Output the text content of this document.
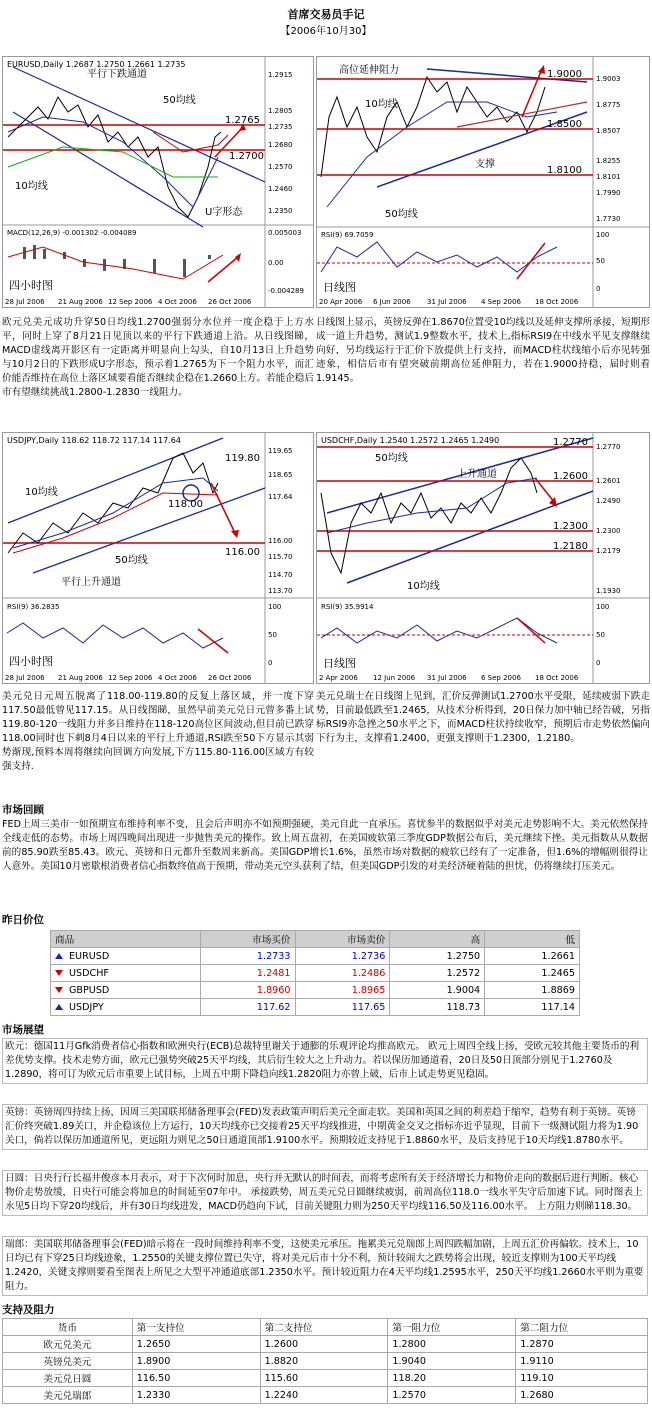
首席交易员手记
【2006年10月30】
EURUSD,Daily 1.2687 1.2750 1.2661 1.2735
平行下跌通道
50均线
10均线
U字形态
1.2765
1.2700
1.2915
1.2805
1.2735
1.2680
1.2570
1.2460
1.2350
0.005003
0.00
-0.004289
MACD(12,26,9) -0.001302 -0.004089
四小时图
28 Jul 2006 21 Aug 2006 12 Sep 2006 4 Oct 2006 26 Oct 2006
高位延伸阻力
10均线
50均线
支撑
1.9000
1.8500
1.8100
1.9003
1.8775
1.8507
1.8255
1.8101
1.7990
1.7730
100
50
0
RSI(9) 69.7059
日线图
20 Apr 2006 6 Jun 2006 31 Jul 2006 4 Sep 2006 18 Oct 2006
欧元兑美元成功升穿50日均线1.2700强弱分水位并一度企稳于上方水平，同时上穿了8月21日见顶以来的平行下跌通道上沿。从日线图睇，MACD虚线离开影区有一定距离并明显向上勾头，自10月13日上升趋势与10月2日的下跌形成U字形态，预示着1.2765为下一个阻力水平，而汇价能否维持在高位上落区域要看能否继续企稳在1.2660上方。若能企稳后市有望继续挑战1.2800-1.2830一线阻力。
日线图上显示，英镑反弹在1.8670位置受10均线以及延伸支撑所承接，短期形成一道上升趋势，测试1.9整数水平，技术上,指标RSI9在中线水平见支撑继续向好，另均线运行于汇价下放提供上行支持，而MACD柱状线缩小后亦见转强迹象，相信后市有望突破前期高位延伸阻力，若在1.9000持稳，届时则看1.9145。
USDJPY,Daily 118.62 118.72 117.14 117.64
119.80
118.00
116.00
10均线
50均线
平行上升通道
119.65
118.65
117.64
116.00
115.70
114.70
113.70
100
50
0
RSI(9) 36.2835
四小时图
28 Jul 2006 21 Aug 2006 12 Sep 2006 4 Oct 2006 26 Oct 2006
USDCHF,Daily 1.2540 1.2572 1.2465 1.2490
50均线
上升通道
10均线
1.2770
1.2600
1.2300
1.2180
1.2770
1.2601
1.2490
1.2300
1.2179
1.1930
100
50
0
RSI(9) 35.9914
日线图
2 Apr 2006 12 Jun 2006 31 Jul 2006 6 Sep 2006 18 Oct 2006
美元兑日元周五脱离了118.00-119.80的反复上落区域，并一度下穿117.50最低曾见117.15。从日线图睇，虽然早前美元兑日元曾多番上试119.80-120一线阻力并多日维持在118-120高位区间波动,但目前已跌穿118.00同时也下刺8月4日以来的平行上升通道,RSI跌至50下方显示其弱势渐现,预料本周将继续向回调方向发展,下方115.80-116.00区域方有较强支持.
美元兑瑞士在日线图上见到，汇价反弹测试1.2700水平受限，延续疲弱下跌走势，目前最低跌至1.2465，从技术分析得到，20日保力加中轴已经告破，另指标RSI9亦急挫之50水平之下，而MACD柱状持续收窄，预期后市走势依然偏向下行为主，支撑看1.2400，更强支撑则于1.2300，1.2180。
市场回顾
FED上周三美市一如预期宣布维持利率不变，且会后声明亦不如预期强硬，美元自此一直承压。喜忧参半的数据似乎对美元走势影响不大。美元依然保持全线走低的态势。市场上周四晚间出现进一步抛售美元的操作。致上周五盘初，在美国疲软第三季度GDP数据公布后，美元继续下挫。美元指数从从数据前的85.90跌至85.43。欧元、英镑和日元都升至数周来新高。美国GDP增长1.6%，虽然市场对数据的疲软已经有了一定准备，但1.6%的增幅则很得让人意外。美国10月密歇根消费者信心指数终值高于预期，带动美元空头获利了结，但美国GDP引发的对美经济硬着陆的担忧，仍将继续打压美元。
昨日价位
商品	市场买价	市场卖价	高	低
EURUSD	1.2733	1.2736	1.2750	1.2661
USDCHF	1.2481	1.2486	1.2572	1.2465
GBPUSD	1.8960	1.8965	1.9004	1.8869
USDJPY	117.62	117.65	118.73	117.14
市场展望
欧元：德国11月Gfk消费者信心指数和欧洲央行(ECB)总裁特里谢关于通膨的乐观评论均推高欧元。 欧元上周四全线上扬，受欧元较其他主要货币的利差优势支撑。技术走势方面，欧元已强势突破25天平均线，其后衍生较大之上升动力。若以保历加通道看，20日及50日顶部分别见于1.2760及1.2890，将可订为欧元后市重要上试目标，上周五中期下降趋向线1.2820阻力亦曾上破，后市上试走势更见稳固。
英镑：英镑周四持续上扬，因周三美国联邦储备理事会(FED)发表政策声明后美元全面走软。美国和英国之间的利差趋于缩窄，趋势有利于英镑。英镑汇价终突破1.89关口，并企稳该位上方运行，10天均线亦已交接着25天平均线推进，中期黄金交叉之指标亦近乎显现，目前下一级测试阻力将为1.90关口，倘若以保历加通道所见，更远阻力则见之50日通道顶部1.9100水平。预期较近支持见于1.8860水平，及后支持见于10天均线1.8780水平。
日圆：日央行行长福井俊彦本月表示，对于下次何时加息，央行并无默认的时间表，而将考虑所有关于经济增长力和物价走向的数据后进行判断。核心物价走势放缓，日央行可能会将加息的时间延至07年中。 承接跌势，周五美元兑日圆继续疲弱，前周高位118.0一线水平失守后加速下试。同时图表上永见5日均下穿20均线后，并有30日均线进发，MACD仍趋向下试，目前关键阻力则为250天平均线116.50及116.00水平。 上方阻力则睇118.30。
瑞郎：美国联邦储备理事会(FED)暗示将在一段时间维持利率不变，这使美元承压。拖累美元兑瑞郎上周四跌幅加剧，上周五汇价再偏软。技术上，10日均已有下穿25日均线迹象，1.2550的关键支撑位置已失守，将对美元后市十分不利，预计较闹大之跌势将会出现，较近支撑则为100天平均线1.2420，关键支撑则要看至图表上所见之大型平冲通道底部1.2350水平。预计较近阻力在4天平均线1.2595水平，250天平均线1.2660水平则为重要阻力。
支持及阻力
货币	第一支持位	第二支持位	第一阻力位	第二阻力位
欧元兑美元	1.2650	1.2600	1.2800	1.2870
英镑兑美元	1.8900	1.8820	1.9040	1.9110
美元兑日圆	116.50	115.60	118.20	119.10
美元兑瑞郎	1.2330	1.2240	1.2570	1.2680
